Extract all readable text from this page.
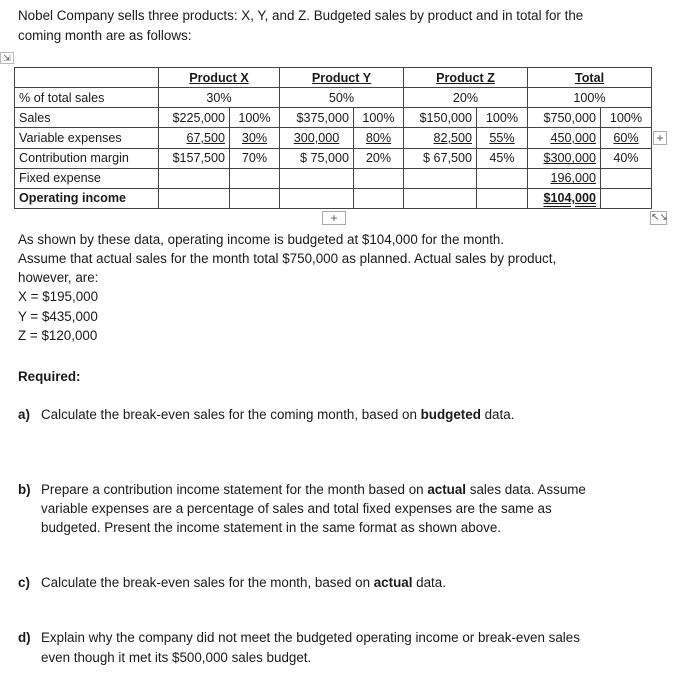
Nobel Company sells three products: X, Y, and Z. Budgeted sales by product and in total for the
coming month are as follows:
⇲
	Product X		Product Y		Product Z		Total	
% of total sales	30%		50%		20%		100%	
Sales	$225,000	100%	$375,000	100%	$150,000	100%	$750,000	100%
Variable expenses	67,500	30%	300,000	80%	82,500	55%	450,000	60%
Contribution margin	$157,500	70%	$ 75,000	20%	$ 67,500	45%	$300,000	40%
Fixed expense							196,000	
Operating income							$104,000	
+
+	↖↘
As shown by these data, operating income is budgeted at $104,000 for the month.
Assume that actual sales for the month total $750,000 as planned. Actual sales by product,
however, are:
X = $195,000
Y = $435,000
Z = $120,000
Required:
a) Calculate the break-even sales for the coming month, based on budgeted data.
b) Prepare a contribution income statement for the month based on actual sales data. Assume
variable expenses are a percentage of sales and total fixed expenses are the same as
budgeted. Present the income statement in the same format as shown above.
c) Calculate the break-even sales for the month, based on actual data.
d) Explain why the company did not meet the budgeted operating income or break-even sales
even though it met its $500,000 sales budget.
